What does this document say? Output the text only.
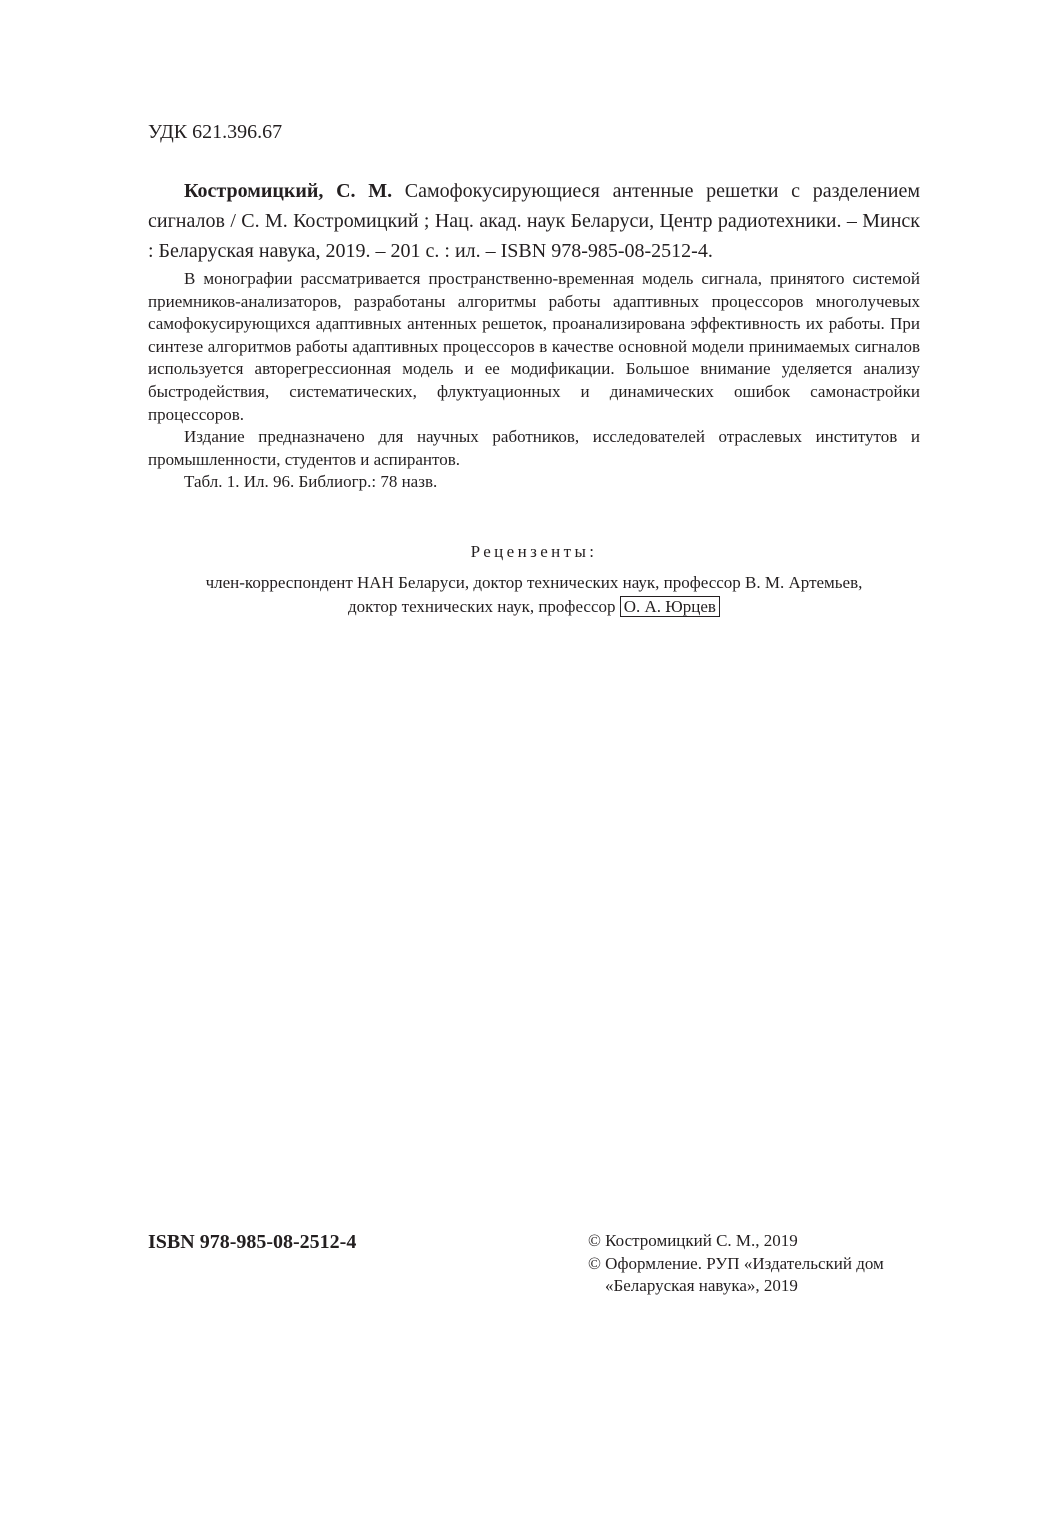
УДК 621.396.67
Костромицкий, С. М. Самофокусирующиеся антенные решетки с разделением сигналов / С. М. Костромицкий ; Нац. акад. наук Беларуси, Центр радиотехники. – Минск : Беларуская навука, 2019. – 201 с. : ил. – ISBN 978-985-08-2512-4.

В монографии рассматривается пространственно-временная модель сигнала, принятого системой приемников-анализаторов, разработаны алгоритмы работы адаптивных процессоров многолучевых самофокусирующихся адаптивных антенных решеток, проанализирована эффективность их работы. При синтезе алгоритмов работы адаптивных процессоров в качестве основной модели принимаемых сигналов используется авторегрессионная модель и ее модификации. Большое внимание уделяется анализу быстродействия, систематических, флуктуационных и динамических ошибок самонастройки процессоров.

Издание предназначено для научных работников, исследователей отраслевых институтов и промышленности, студентов и аспирантов.

Табл. 1. Ил. 96. Библиогр.: 78 назв.

Рецензенты:
член-корреспондент НАН Беларуси, доктор технических наук, профессор В. М. Артемьев,
доктор технических наук, профессор О. А. Юрцев
ISBN 978-985-08-2512-4	© Костромицкий С. М., 2019
© Оформление. РУП «Издательский дом
«Беларуская навука», 2019
